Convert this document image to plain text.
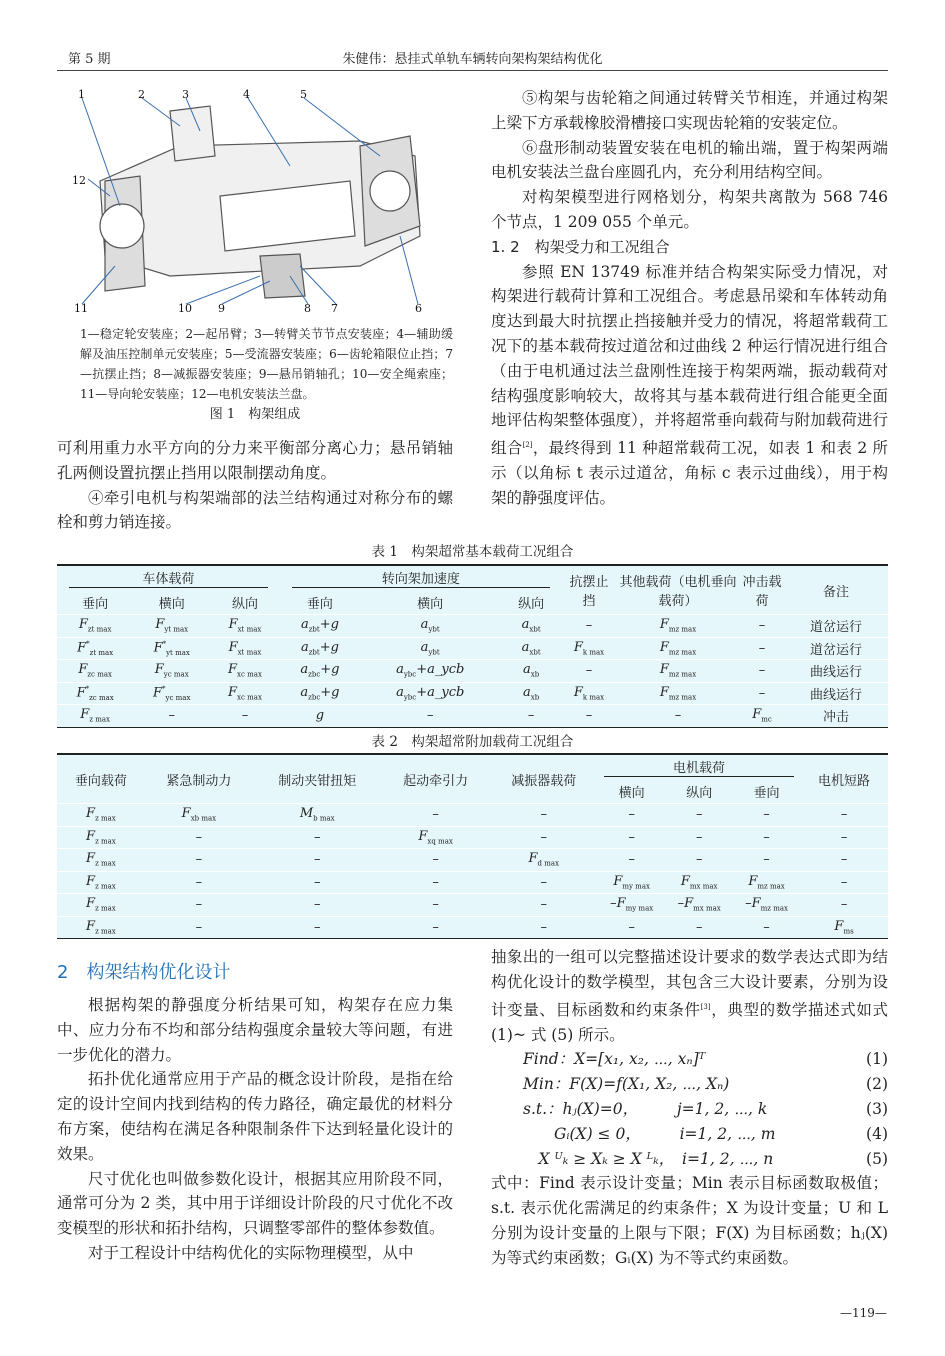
第 5 期	朱健伟：悬挂式单轨车辆转向架构架结构优化
1	2	3	4	5
12
11	10 9	8 7	6
1—稳定轮安装座；2—起吊臂；3—转臂关节节点安装座；4—辅助缓解及油压控制单元安装座；5—受流器安装座；6—齿轮箱限位止挡；7—抗摆止挡；8—减振器安装座；9—悬吊销轴孔；10—安全绳索座；11—导向轮安装座；12—电机安装法兰盘。
图 1　构架组成

可利用重力水平方向的分力来平衡部分离心力；悬吊销轴孔两侧设置抗摆止挡用以限制摆动角度。

④牵引电机与构架端部的法兰结构通过对称分布的螺栓和剪力销连接。

⑤构架与齿轮箱之间通过转臂关节相连，并通过构架上梁下方承载橡胶滑槽接口实现齿轮箱的安装定位。

⑥盘形制动装置安装在电机的输出端，置于构架两端电机安装法兰盘台座圆孔内，充分利用结构空间。

对构架模型进行网格划分，构架共离散为 568 746 个节点，1 209 055 个单元。

1. 2　构架受力和工况组合

参照 EN 13749 标准并结合构架实际受力情况，对构架进行载荷计算和工况组合。考虑悬吊梁和车体转动角度达到最大时抗摆止挡接触并受力的情况，将超常载荷工况下的基本载荷按过道岔和过曲线 2 种运行情况进行组合（由于电机通过法兰盘刚性连接于构架两端，振动载荷对结构强度影响较大，故将其与基本载荷进行组合能更全面地评估构架整体强度），并将超常垂向载荷与附加载荷进行组合[2]，最终得到 11 种超常载荷工况，如表 1 和表 2 所示（以角标 t 表示过道岔，角标 c 表示过曲线），用于构架的静强度评估。

表 1　构架超常基本载荷工况组合
车体载荷			转向架加速度			抗摆止挡	其他载荷（电机垂向载荷）	冲击载荷	备注
垂向	横向	纵向	垂向	横向	纵向				
$F_{zt max}$	$F_{yt max}$	$F_{xt max}$	$a_{zbt}+g$	$a_{ybt}$	$a_{xbt}$	–	$F_{mz max}$	–	道岔运行
$F^*_{zt max}$	$F^*_{yt max}$	$F_{xt max}$	$a_{zbt}+g$	$a_{ybt}$	$a_{xbt}$	$F_{k max}$	$F_{mz max}$	–	道岔运行
$F_{zc max}$	$F_{yc max}$	$F_{xc max}$	$a_{zbc}+g$	$a_{ybc}+a\_ycb$	$a_{xb}$	–	$F_{mz max}$	–	曲线运行
$F^*_{zc max}$	$F^*_{yc max}$	$F_{xc max}$	$a_{zbc}+g$	$a_{ybc}+a\_ycb$	$a_{xb}$	$F_{k max}$	$F_{mz max}$	–	曲线运行
$F_{z max}$	–	–	g	–	–	–	–	$F_{mc}$	冲击
表 2　构架超常附加载荷工况组合
垂向载荷	紧急制动力	制动夹钳扭矩	起动牵引力	减振器载荷	电机载荷			电机短路
					横向	纵向	垂向	
$F_{z max}$	$F_{xb max}$	$M_{b max}$	–	–	–	–	–	–
$F_{z max}$	–	–	$F_{xq max}$	–	–	–	–	–
$F_{z max}$	–	–	–	$F_{d max}$	–	–	–	–
$F_{z max}$	–	–	–	–	$F_{my max}$	$F_{mx max}$	$F_{mz max}$	–
$F_{z max}$	–	–	–	–	$-F_{my max}$	$-F_{mx max}$	$-F_{mz max}$	–
$F_{z max}$	–	–	–	–	–	–	–	$F_{ms}$
2　构架结构优化设计

根据构架的静强度分析结果可知，构架存在应力集中、应力分布不均和部分结构强度余量较大等问题，有进一步优化的潜力。

拓扑优化通常应用于产品的概念设计阶段，是指在给定的设计空间内找到结构的传力路径，确定最优的材料分布方案，使结构在满足各种限制条件下达到轻量化设计的效果。

尺寸优化也叫做参数化设计，根据其应用阶段不同，通常可分为 2 类，其中用于详细设计阶段的尺寸优化不改变模型的形状和拓扑结构，只调整零部件的整体参数值。

对于工程设计中结构优化的实际物理模型，从中

抽象出的一组可以完整描述设计要求的数学表达式即为结构优化设计的数学模型，其包含三大设计要素，分别为设计变量、目标函数和约束条件[3]，典型的数学描述式如式 (1)~ 式 (5) 所示。

Find：X=[x₁, x₂, ⋯, xₙ]ᵀ	(1)
Min：F(X)=f(X₁, X₂, ⋯, Xₙ)	(2)
s.t.：hⱼ(X)=0，　　　j=1, 2, ⋯, k	(3)
　　Gᵢ(X) ≤ 0，　　　i=1, 2, ⋯, m	(4)
　X ᵁₖ ≥ Xₖ ≥ X ᴸₖ，　i=1, 2, ⋯, n	(5)

式中：Find 表示设计变量；Min 表示目标函数取极值；s.t. 表示优化需满足的约束条件；X 为设计变量；U 和 L 分别为设计变量的上限与下限；F(X) 为目标函数；hⱼ(X) 为等式约束函数；Gᵢ(X) 为不等式约束函数。

—119—
